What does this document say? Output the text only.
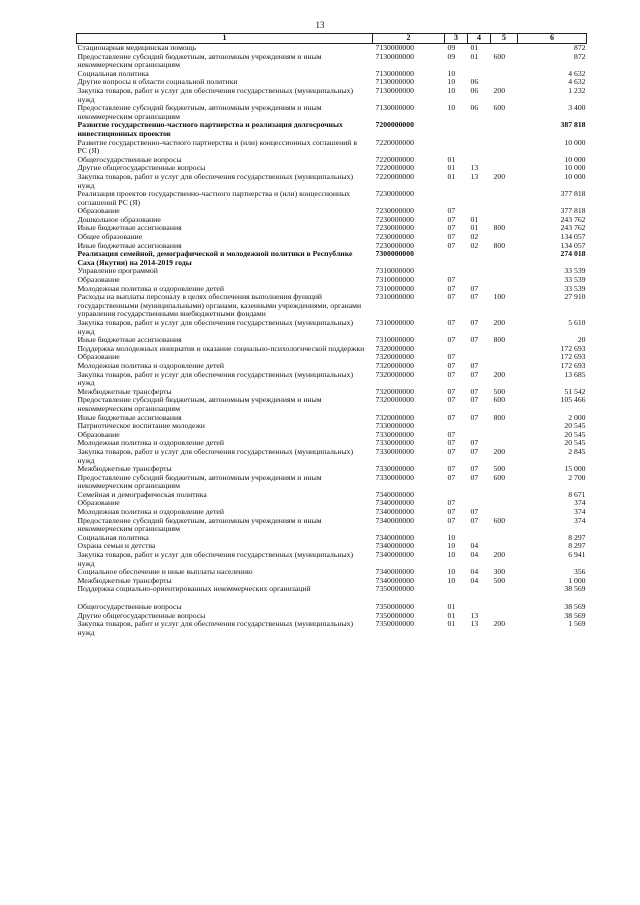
13
1	2	3	4	5	6
Стационарная медицинская помощь	7130000000	09	01		872
Предоставление субсидий бюджетным, автономным учреждениям и иным некоммерческим организациям	7130000000	09	01	600	872
Социальная политика	7130000000	10			4 632
Другие вопросы в области социальной политики	7130000000	10	06		4 632
Закупка товаров, работ и услуг для обеспечения государственных (муниципальных) нужд	7130000000	10	06	200	1 232
Предоставление субсидий бюджетным, автономным учреждениям и иным некоммерческим организациям	7130000000	10	06	600	3 400
Развитие государственно-частного партнерства и реализация долгосрочных инвестиционных проектов	7200000000				387 818
Развитие государственно-частного партнерства и (или) концессионных соглашений в РС (Я)	7220000000				10 000
Общегосударственные вопросы	7220000000	01			10 000
Другие общегосударственные вопросы	7220000000	01	13		10 000
Закупка товаров, работ и услуг для обеспечения государственных (муниципальных) нужд	7220000000	01	13	200	10 000
Реализация проектов государственно-частного партнерства и (или) концессионных соглашений РС (Я)	7230000000				377 818
Образование	7230000000	07			377 818
Дошкольное образование	7230000000	07	01		243 762
Иные бюджетные ассигнования	7230000000	07	01	800	243 762
Общее образование	7230000000	07	02		134 057
Иные бюджетные ассигнования	7230000000	07	02	800	134 057
Реализация семейной, демографической и молодежной политики в Республике Саха (Якутия) на 2014-2019 годы	7300000000				274 018
Управление программой	7310000000				33 539
Образование	7310000000	07			33 539
Молодежная политика и оздоровление детей	7310000000	07	07		33 539
Расходы на выплаты персоналу в целях обеспечения выполнения функций государственными (муниципальными) органами, казенными учреждениями, органами управления государственными внебюджетными фондами	7310000000	07	07	100	27 910
Закупка товаров, работ и услуг для обеспечения государственных (муниципальных) нужд	7310000000	07	07	200	5 610
Иные бюджетные ассигнования	7310000000	07	07	800	20
Поддержка молодежных инициатив и оказание социально-психологической поддержки	7320000000				172 693
Образование	7320000000	07			172 693
Молодежная политика и оздоровление детей	7320000000	07	07		172 693
Закупка товаров, работ и услуг для обеспечения государственных (муниципальных) нужд	7320000000	07	07	200	13 685
Межбюджетные трансферты	7320000000	07	07	500	51 542
Предоставление субсидий бюджетным, автономным учреждениям и иным некоммерческим организациям	7320000000	07	07	600	105 466
Иные бюджетные ассигнования	7320000000	07	07	800	2 000
Патриотическое воспитание молодежи	7330000000				20 545
Образование	7330000000	07			20 545
Молодежная политика и оздоровление детей	7330000000	07	07		20 545
Закупка товаров, работ и услуг для обеспечения государственных (муниципальных) нужд	7330000000	07	07	200	2 845
Межбюджетные трансферты	7330000000	07	07	500	15 000
Предоставление субсидий бюджетным, автономным учреждениям и иным некоммерческим организациям	7330000000	07	07	600	2 700
Семейная и демографическая политика	7340000000				8 671
Образование	7340000000	07			374
Молодежная политика и оздоровление детей	7340000000	07	07		374
Предоставление субсидий бюджетным, автономным учреждениям и иным некоммерческим организациям	7340000000	07	07	600	374
Социальная политика	7340000000	10			8 297
Охрана семьи и детства	7340000000	10	04		8 297
Закупка товаров, работ и услуг для обеспечения государственных (муниципальных) нужд	7340000000	10	04	200	6 941
Социальное обеспечение и иные выплаты населению	7340000000	10	04	300	356
Межбюджетные трансферты	7340000000	10	04	500	1 000
Поддержка социально-ориентированных некоммерческих организаций	7350000000				38 569

Общегосударственные вопросы	7350000000	01			38 569
Другие общегосударственные вопросы	7350000000	01	13		38 569
Закупка товаров, работ и услуг для обеспечения государственных (муниципальных) нужд	7350000000	01	13	200	1 569
